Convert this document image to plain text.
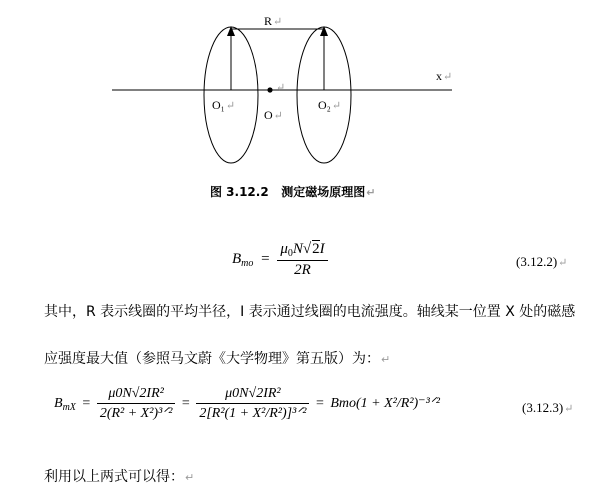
R↵
x↵
O₁↵
↵
O↵
O₂↵
图 3.12.2 测定磁场原理图↵
$B_{mo} = \frac{\mu_0N√2I}{2R}$	(3.12.2)↵
其中，R 表示线圈的平均半径，I 表示通过线圈的电流强度。轴线某一位置 X 处的磁感
应强度最大值（参照马文蔚《大学物理》第五版）为：↵
$B_{mX} = \frac{\text{μ0N√2IR²}}{\text{2(R² + X²)³ᐟ²}} = \frac{\text{μ0N√2IR²}}{\text{2[R²(1 + X²/R²)]³ᐟ²}} = Bmo(1$ + X²/R²)⁻³ᐟ²	(3.12.3)↵
利用以上两式可以得：↵
